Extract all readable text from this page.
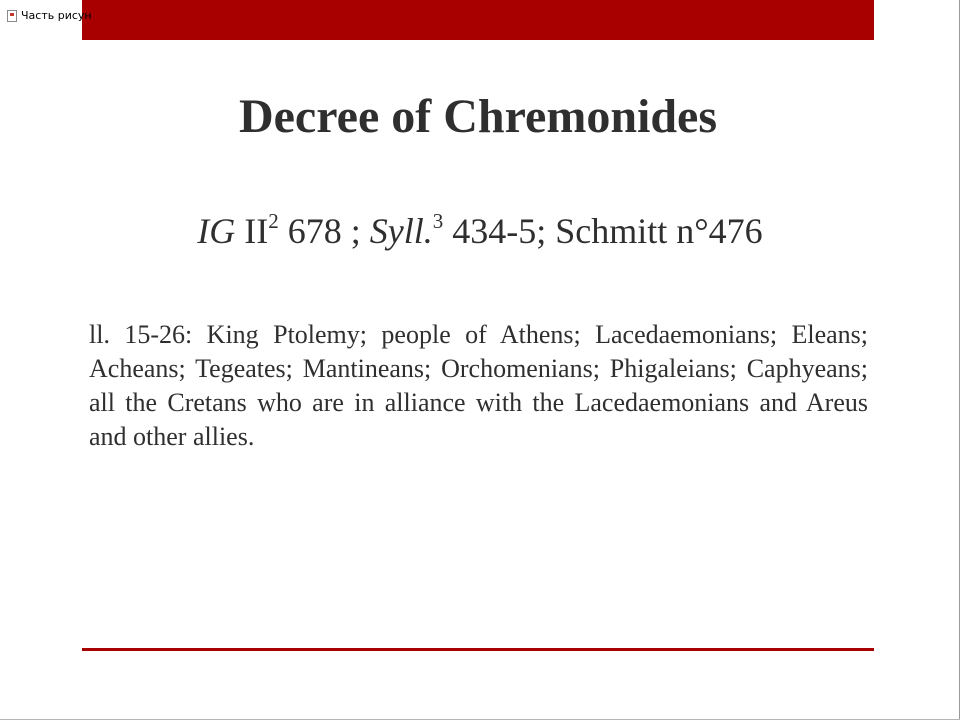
Часть рисун
Decree of Chremonides
IG $II^2$ 678 ; Syll.$^3$ 434-5; Schmitt n°476

ll. 15-26: King Ptolemy; people of Athens; Lacedaemonians; Eleans; Acheans; Tegeates; Mantineans; Orchomenians; Phigaleians; Caphyeans; all the Cretans who are in alliance with the Lacedaemonians and Areus and other allies.
